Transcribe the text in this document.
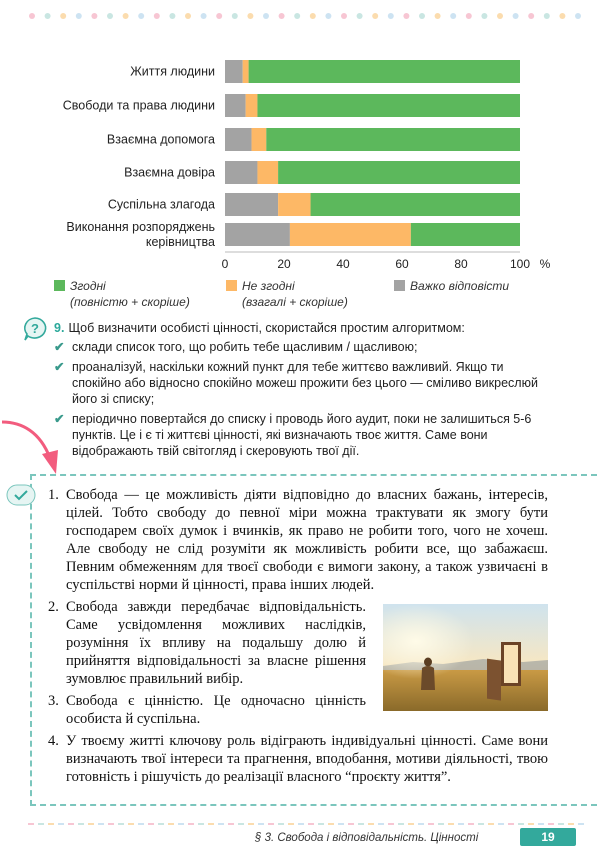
Життя людини
Свободи та права людини
Взаємна допомога
Взаємна довіра
Суспільна злагода
Виконання розпоряджень
керівництва
0	20	40	60	80	100 %
Згодні
(повністю + скоріше)
Не згодні
(взагалі + скоріше)
Важко відповісти
? 9. Щоб визначити особисті цінності, скористайся простим алгоритмом:
✔ склади список того, що робить тебе щасливим / щасливою;
✔ проаналізуй, наскільки кожний пункт для тебе життєво важливий. Якщо ти спокійно або відносно спокійно можеш прожити без цього — сміливо викреслюй його зі списку;
✔ періодично повертайся до списку і проводь його аудит, поки не залишиться 5-6 пунктів. Це і є ті життєві цінності, які визначають твоє життя. Саме вони відображають твій світогляд і скеровують твої дії.
1. Свобода — це можливість діяти відповідно до власних бажань, інтересів, цілей. Тобто свободу до певної міри можна трактувати як змогу бути господарем своїх думок і вчинків, як право не робити того, чого не хочеш. Але свободу не слід розуміти як можливість робити все, що забажаєш. Певним обмеженням для твоєї свободи є вимоги закону, а також узвичаєні в суспільстві норми й цінності, права інших людей.
2. Свобода завжди передбачає відповідальність. Саме усвідомлення можливих наслідків, розуміння їх впливу на подальшу долю й прийняття відповідальності за власне рішення зумовлює правильний вибір.
3. Свобода є цінністю. Це одночасно цінність особиста й суспільна.
4. У твоєму житті ключову роль відіграють індивідуальні цінності. Саме вони визначають твої інтереси та прагнення, вподобання, мотиви діяльності, твою готовність і рішучість до реалізації власного “проєкту життя”.
§ 3. Свобода і відповідальність. Цінності	19
